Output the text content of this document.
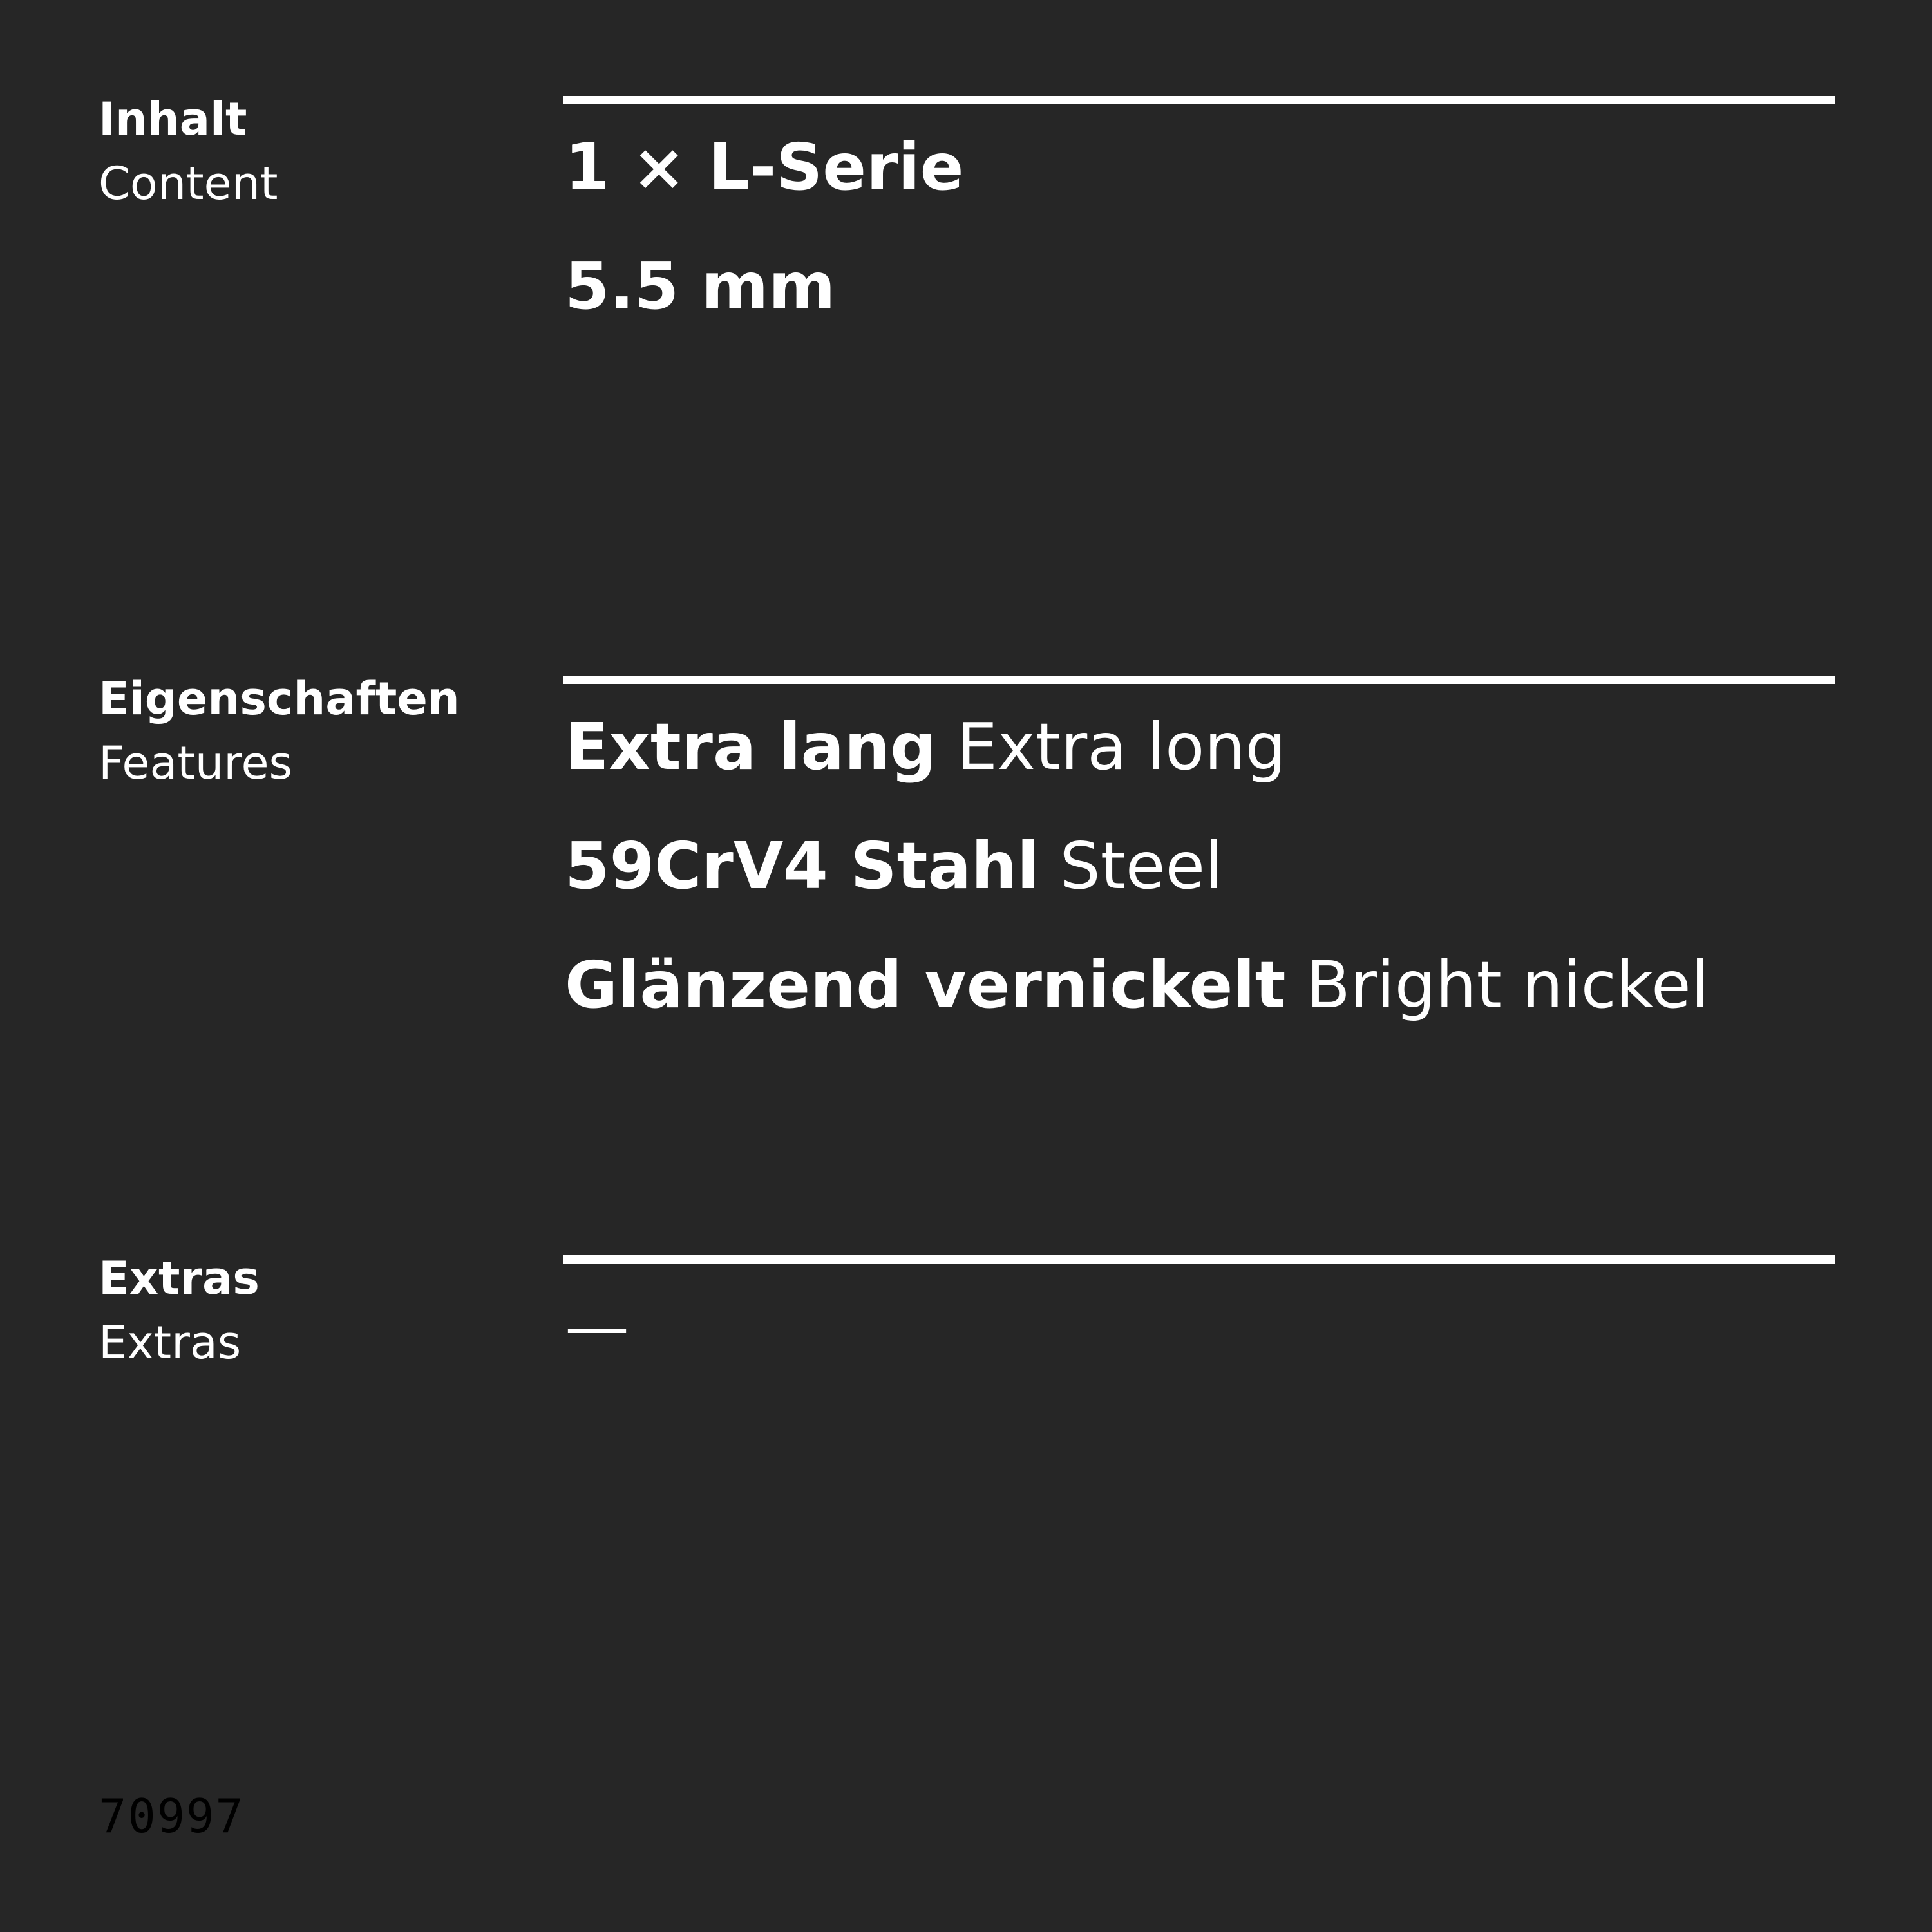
Inhalt
Content	1 × L-Serie
5.5 mm
Eigenschaften
Features	Extra lang Extra long
59CrV4 Stahl Steel
Glänzend vernickelt Bright nickel
Extras
Extras	—
70997
